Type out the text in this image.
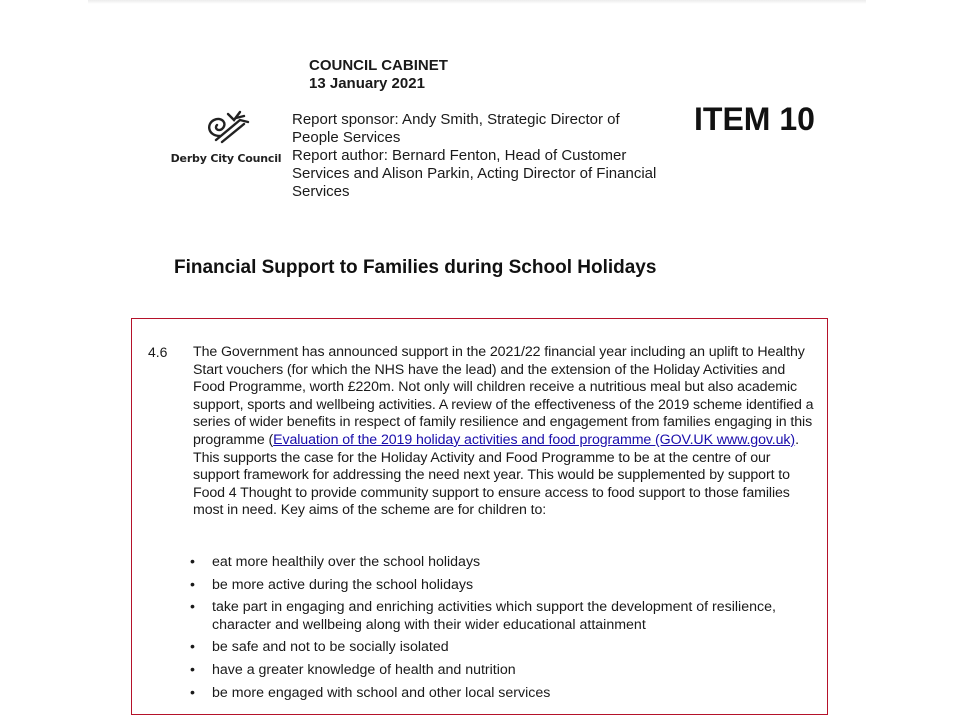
COUNCIL CABINET
13 January 2021
Derby City Council
Report sponsor: Andy Smith, Strategic Director of People Services
Report author: Bernard Fenton, Head of Customer Services and Alison Parkin, Acting Director of Financial Services
ITEM 10
Financial Support to Families during School Holidays
4.6 The Government has announced support in the 2021/22 financial year including an uplift to Healthy Start vouchers (for which the NHS have the lead) and the extension of the Holiday Activities and Food Programme, worth £220m. Not only will children receive a nutritious meal but also academic support, sports and wellbeing activities. A review of the effectiveness of the 2019 scheme identified a series of wider benefits in respect of family resilience and engagement from families engaging in this programme (Evaluation of the 2019 holiday activities and food programme (GOV.UK www.gov.uk). This supports the case for the Holiday Activity and Food Programme to be at the centre of our support framework for addressing the need next year. This would be supplemented by support to Food 4 Thought to provide community support to ensure access to food support to those families most in need. Key aims of the scheme are for children to:
• eat more healthily over the school holidays
• be more active during the school holidays
• take part in engaging and enriching activities which support the development of resilience, character and wellbeing along with their wider educational attainment
• be safe and not to be socially isolated
• have a greater knowledge of health and nutrition
• be more engaged with school and other local services
